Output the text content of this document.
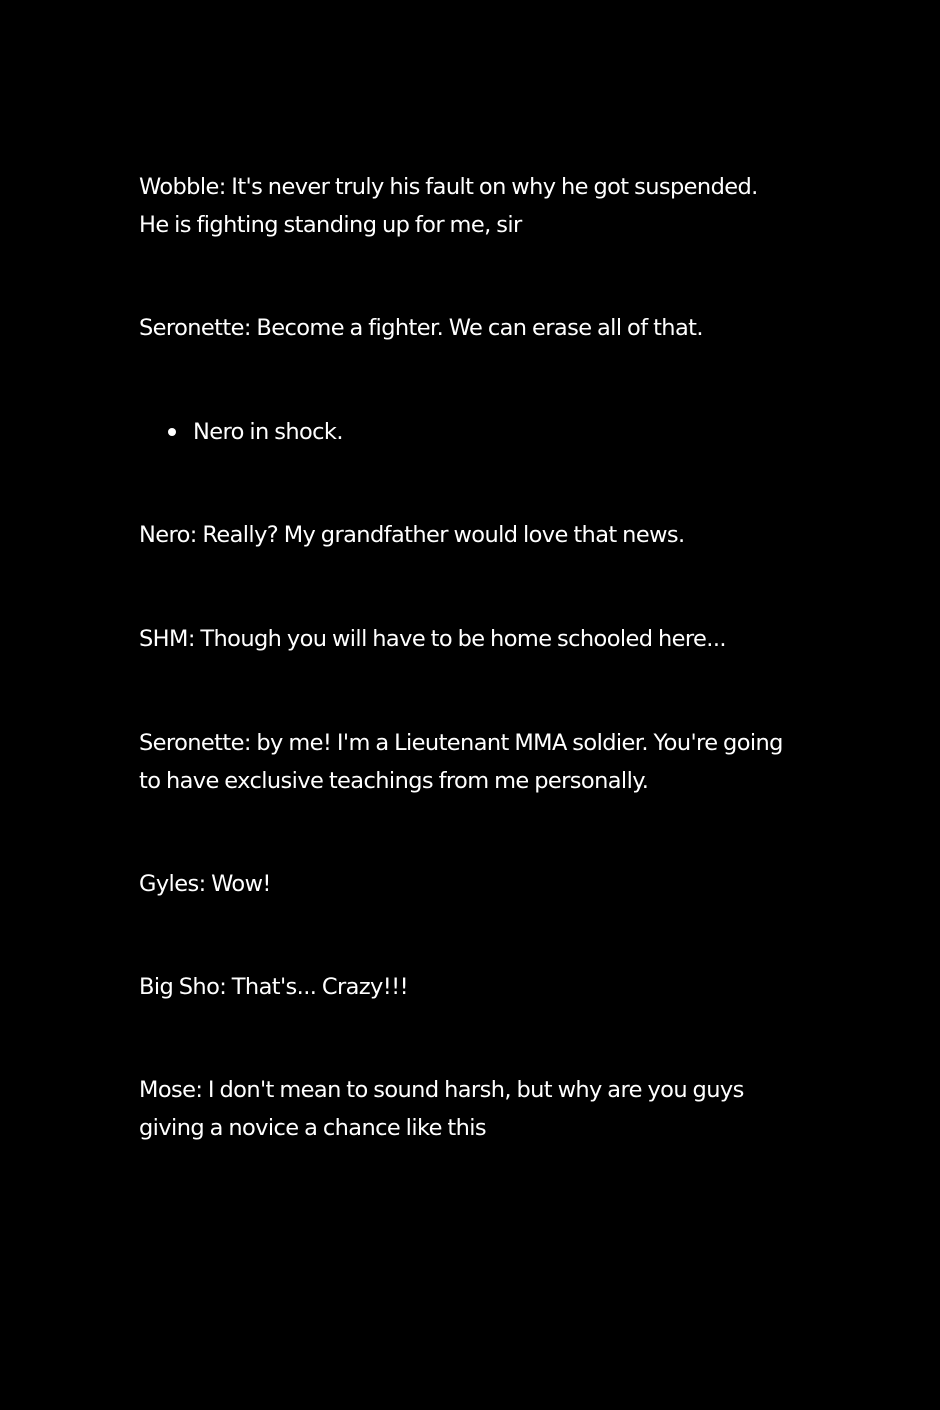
Wobble: It's never truly his fault on why he got suspended. He is fighting standing up for me, sir

Seronette: Become a fighter. We can erase all of that.

Nero in shock.

Nero: Really? My grandfather would love that news.

SHM: Though you will have to be home schooled here...

Seronette: by me! I'm a Lieutenant MMA soldier. You're going to have exclusive teachings from me personally.

Gyles: Wow!

Big Sho: That's... Crazy!!!

Mose: I don't mean to sound harsh, but why are you guys giving a novice a chance like this
